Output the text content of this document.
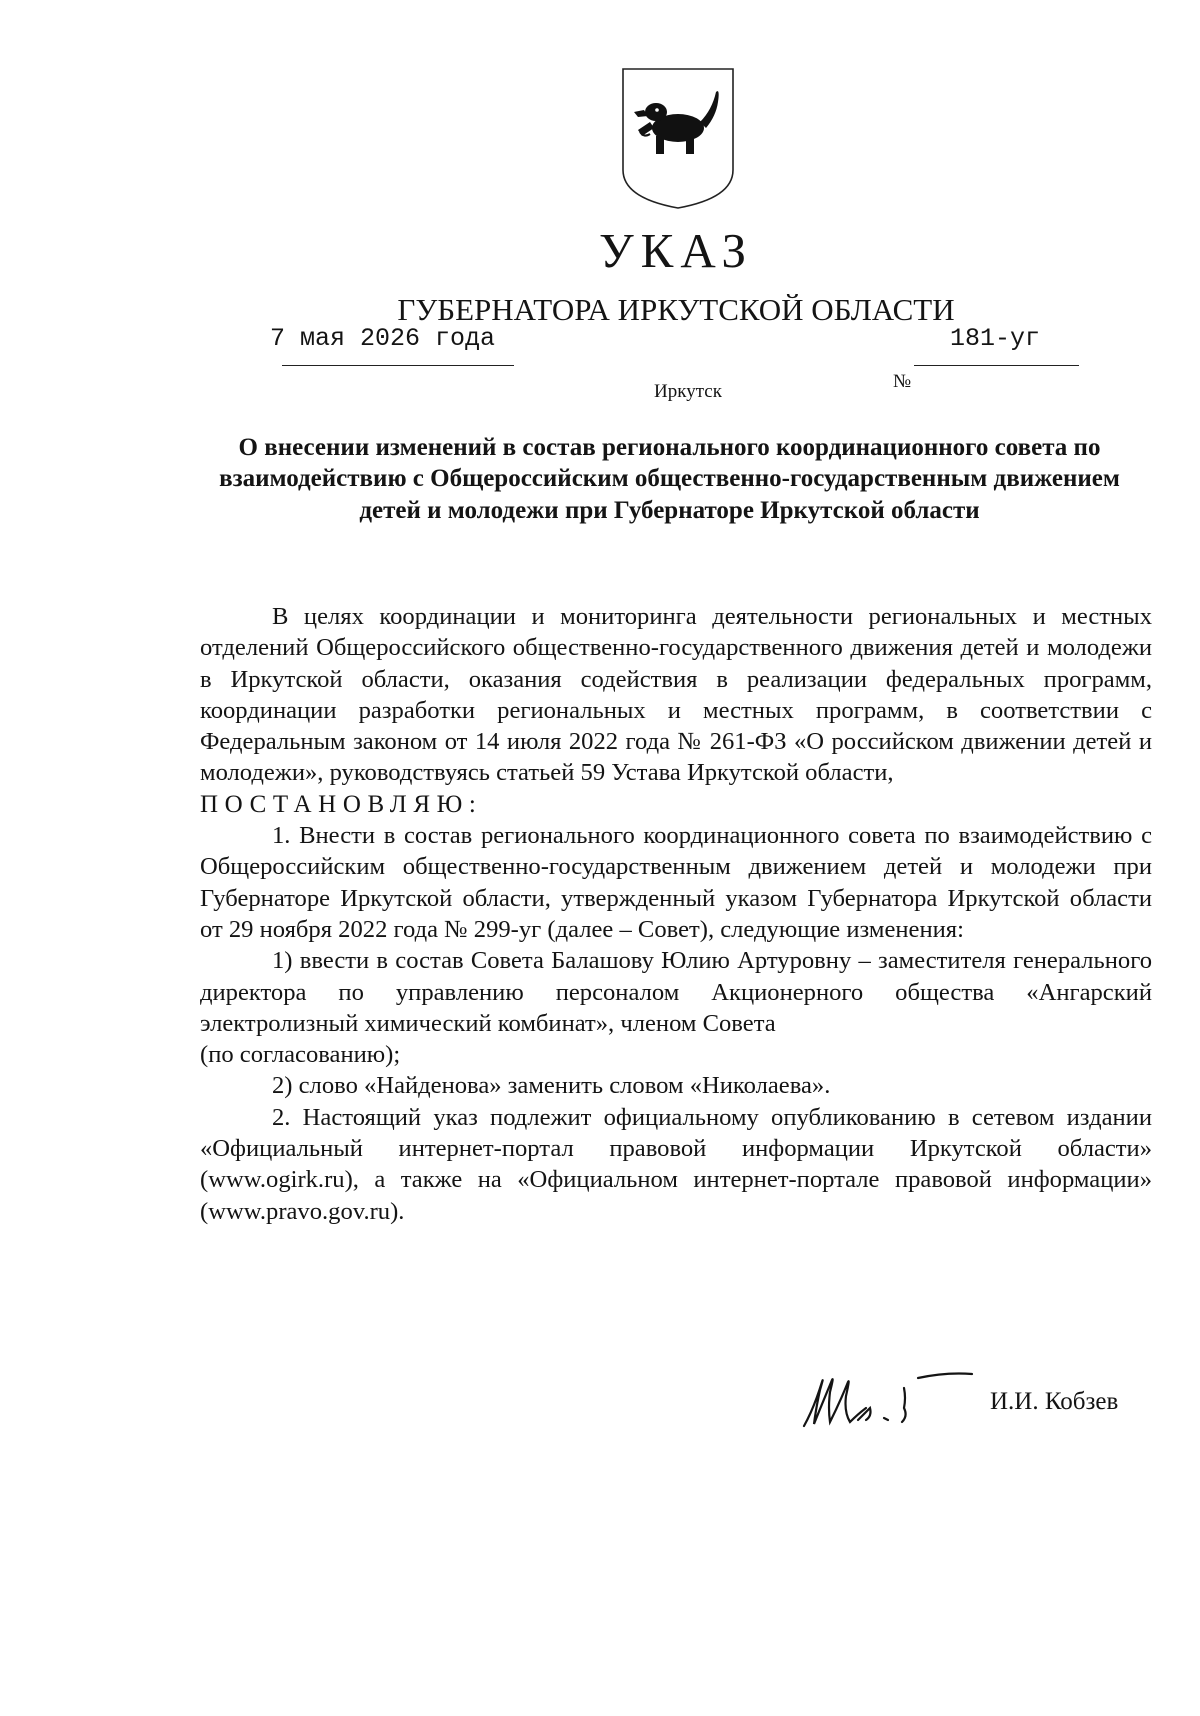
УКАЗ
ГУБЕРНАТОРА ИРКУТСКОЙ ОБЛАСТИ
7 мая 2026 года
№
181-уг
Иркутск
О внесении изменений в состав регионального координационного совета по взаимодействию с Общероссийским общественно-государственным движением детей и молодежи при Губернаторе Иркутской области

В целях координации и мониторинга деятельности региональных и местных отделений Общероссийского общественно-государственного движения детей и молодежи в Иркутской области, оказания содействия в реализации федеральных программ, координации разработки региональных и местных программ, в соответствии с Федеральным законом от 14 июля 2022 года № 261-ФЗ «О российском движении детей и молодежи», руководствуясь статьей 59 Устава Иркутской области,

ПОСТАНОВЛЯЮ:

1. Внести в состав регионального координационного совета по взаимодействию с Общероссийским общественно-государственным движением детей и молодежи при Губернаторе Иркутской области, утвержденный указом Губернатора Иркутской области от 29 ноября 2022 года № 299-уг (далее – Совет), следующие изменения:

1) ввести в состав Совета Балашову Юлию Артуровну – заместителя генерального директора по управлению персоналом Акционерного общества «Ангарский электролизный химический комбинат», членом Совета

(по согласованию);

2) слово «Найденова» заменить словом «Николаева».

2. Настоящий указ подлежит официальному опубликованию в сетевом издании «Официальный интернет-портал правовой информации Иркутской области» (www.ogirk.ru), а также на «Официальном интернет-портале правовой информации» (www.pravo.gov.ru).

И.И. Кобзев
